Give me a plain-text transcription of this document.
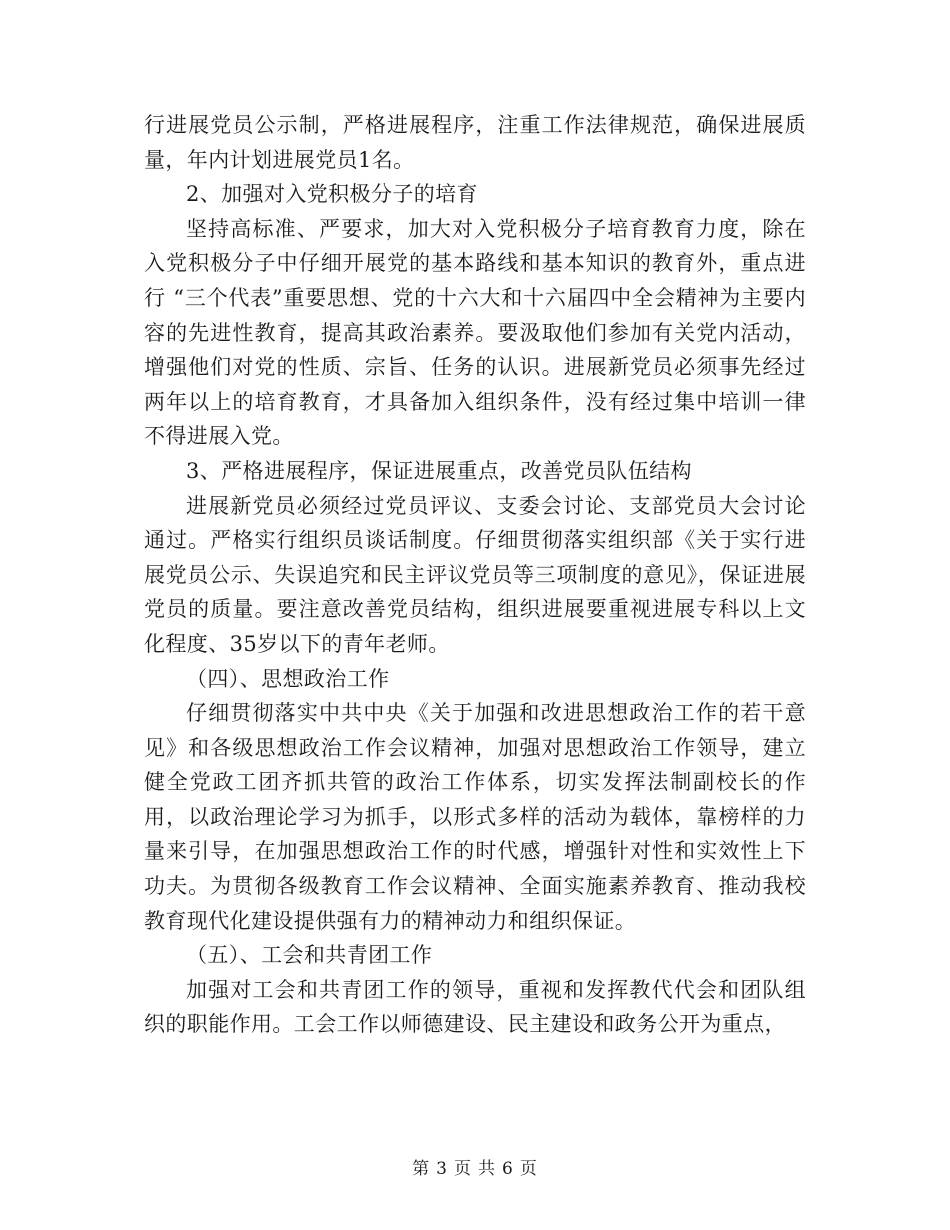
行进展党员公示制，严格进展程序，注重工作法律规范，确保进展质量，年内计划进展党员1名。

2、加强对入党积极分子的培育

坚持高标准、严要求，加大对入党积极分子培育教育力度，除在入党积极分子中仔细开展党的基本路线和基本知识的教育外，重点进行 “三个代表”重要思想、党的十六大和十六届四中全会精神为主要内容的先进性教育，提高其政治素养。要汲取他们参加有关党内活动，增强他们对党的性质、宗旨、任务的认识。进展新党员必须事先经过两年以上的培育教育，才具备加入组织条件，没有经过集中培训一律不得进展入党。

3、严格进展程序，保证进展重点，改善党员队伍结构

进展新党员必须经过党员评议、支委会讨论、支部党员大会讨论通过。严格实行组织员谈话制度。仔细贯彻落实组织部《关于实行进展党员公示、失误追究和民主评议党员等三项制度的意见》，保证进展党员的质量。要注意改善党员结构，组织进展要重视进展专科以上文化程度、35岁以下的青年老师。

（四）、思想政治工作

仔细贯彻落实中共中央《关于加强和改进思想政治工作的若干意见》和各级思想政治工作会议精神，加强对思想政治工作领导，建立健全党政工团齐抓共管的政治工作体系，切实发挥法制副校长的作用，以政治理论学习为抓手，以形式多样的活动为载体，靠榜样的力量来引导，在加强思想政治工作的时代感，增强针对性和实效性上下功夫。为贯彻各级教育工作会议精神、全面实施素养教育、推动我校教育现代化建设提供强有力的精神动力和组织保证。

（五）、工会和共青团工作

加强对工会和共青团工作的领导，重视和发挥教代代会和团队组织的职能作用。工会工作以师德建设、民主建设和政务公开为重点，

第 3 页 共 6 页
